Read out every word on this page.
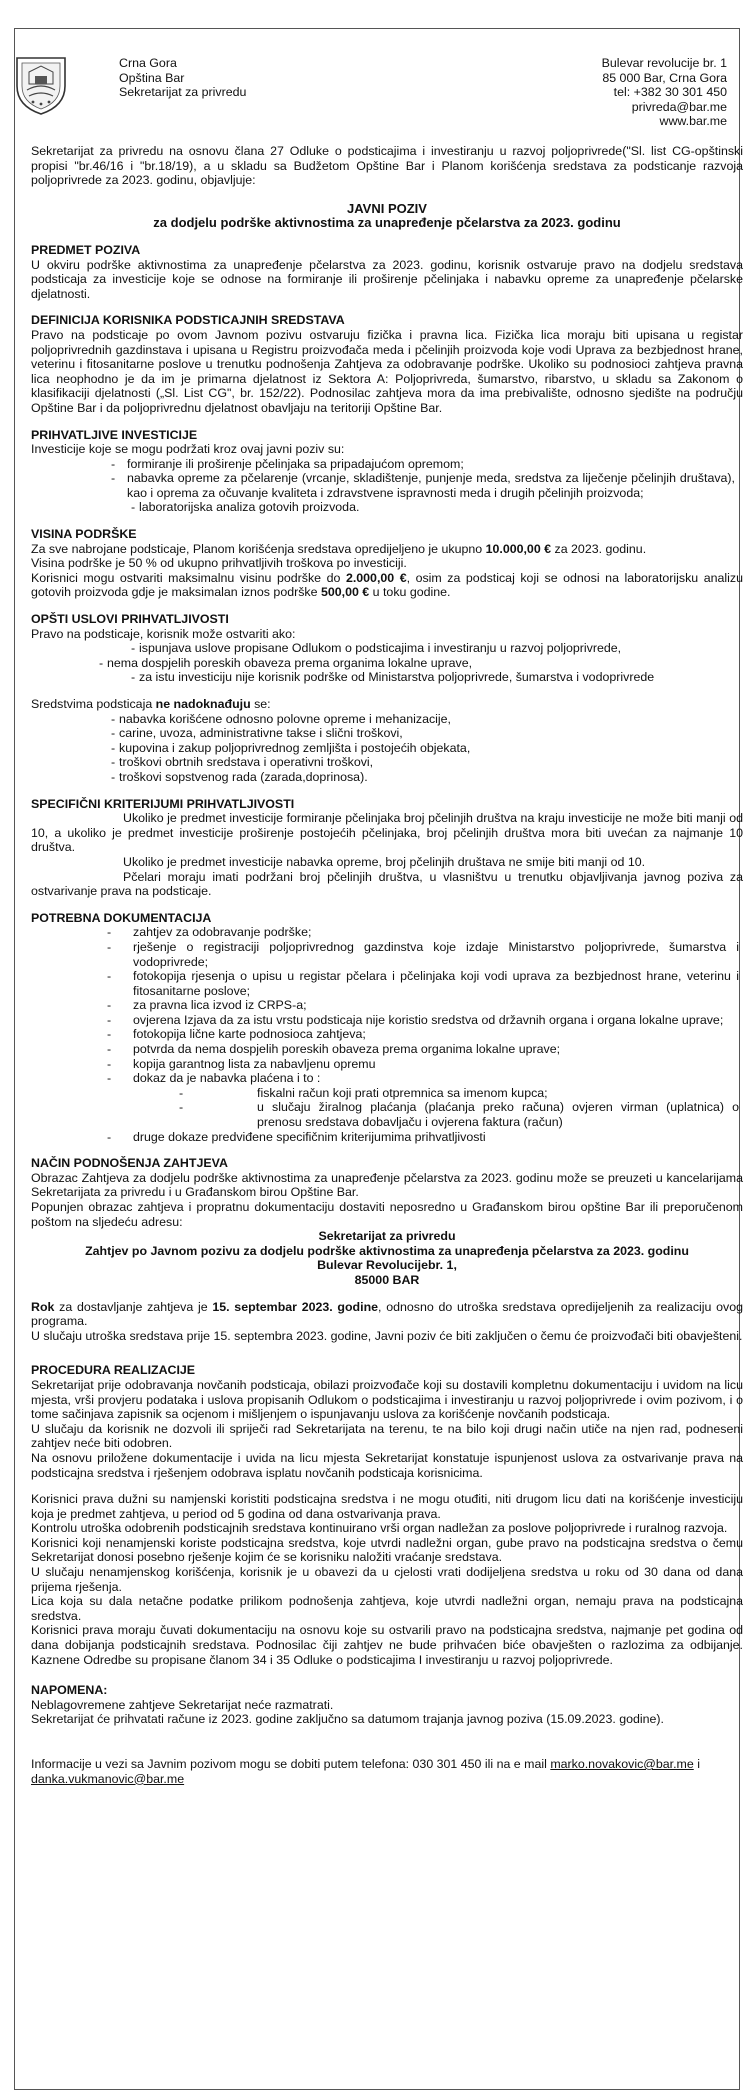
Crna Gora
Opština Bar
Sekretarijat za privredu
Bulevar revolucije br. 1
85 000 Bar, Crna Gora
tel: +382 30 301 450
privreda@bar.me
www.bar.me

Sekretarijat za privredu na osnovu člana 27 Odluke o podsticajima i investiranju u razvoj poljoprivrede("Sl. list CG-opštinski propisi "br.46/16 i "br.18/19), a u skladu sa Budžetom Opštine Bar i Planom korišćenja sredstava za podsticanje razvoja poljoprivrede za 2023. godinu, objavljuje:

JAVNI POZIV
za dodjelu podrške aktivnostima za unapređenje pčelarstva za 2023. godinu
PREDMET POZIVA

U okviru podrške aktivnostima za unapređenje pčelarstva za 2023. godinu, korisnik ostvaruje pravo na dodjelu sredstava podsticaja za investicije koje se odnose na formiranje ili proširenje pčelinjaka i nabavku opreme za unapređenje pčelarske djelatnosti.

DEFINICIJA KORISNIKA PODSTICAJNIH SREDSTAVA

Pravo na podsticaje po ovom Javnom pozivu ostvaruju fizička i pravna lica. Fizička lica moraju biti upisana u registar poljoprivrednih gazdinstava i upisana u Registru proizvođača meda i pčelinjih proizvoda koje vodi Uprava za bezbjednost hrane, veterinu i fitosanitarne poslove u trenutku podnošenja Zahtjeva za odobravanje podrške. Ukoliko su podnosioci zahtjeva pravna lica neophodno je da im je primarna djelatnost iz Sektora A: Poljoprivreda, šumarstvo, ribarstvo, u skladu sa Zakonom o klasifikaciji djelatnosti („Sl. List CG", br. 152/22). Podnosilac zahtjeva mora da ima prebivalište, odnosno sjedište na području Opštine Bar i da poljoprivrednu djelatnost obavljaju na teritoriji Opštine Bar.

PRIHVATLJIVE INVESTICIJE

Investicije koje se mogu podržati kroz ovaj javni poziv su:

- formiranje ili proširenje pčelinjaka sa pripadajućom opremom;
- nabavka opreme za pčelarenje (vrcanje, skladištenje, punjenje meda, sredstva za liječenje pčelinjih društava), kao i oprema za očuvanje kvaliteta i zdravstvene ispravnosti meda i drugih pčelinjih proizvoda;
- laboratorijska analiza gotovih proizvoda.
VISINA PODRŠKE

Za sve nabrojane podsticaje, Planom korišćenja sredstava opredijeljeno je ukupno 10.000,00 € za 2023. godinu.

Visina podrške je 50 % od ukupno prihvatljivih troškova po investiciji.

Korisnici mogu ostvariti maksimalnu visinu podrške do 2.000,00 €, osim za podsticaj koji se odnosi na laboratorijsku analizu gotovih proizvoda gdje je maksimalan iznos podrške 500,00 € u toku godine.

OPŠTI USLOVI PRIHVATLJIVOSTI

Pravo na podsticaje, korisnik može ostvariti ako:

- ispunjava uslove propisane Odlukom o podsticajima i investiranju u razvoj poljoprivrede,
- nema dospjelih poreskih obaveza prema organima lokalne uprave,
- za istu investiciju nije korisnik podrške od Ministarstva poljoprivrede, šumarstva i vodoprivrede

Sredstvima podsticaja ne nadoknađuju se:

- nabavka korišćene odnosno polovne opreme i mehanizacije,
- carine, uvoza, administrativne takse i slični troškovi,
- kupovina i zakup poljoprivrednog zemljišta i postojećih objekata,
- troškovi obrtnih sredstava i operativni troškovi,
- troškovi sopstvenog rada (zarada,doprinosa).
SPECIFIČNI KRITERIJUMI PRIHVATLJIVOSTI

Ukoliko je predmet investicije formiranje pčelinjaka broj pčelinjih društva na kraju investicije ne može biti manji od 10, a ukoliko je predmet investicije proširenje postojećih pčelinjaka, broj pčelinjih društva mora biti uvećan za najmanje 10 društva.

Ukoliko je predmet investicije nabavka opreme, broj pčelinjih društava ne smije biti manji od 10.

Pčelari moraju imati podržani broj pčelinjih društva, u vlasništvu u trenutku objavljivanja javnog poziva za ostvarivanje prava na podsticaje.

POTREBNA DOKUMENTACIJA
- zahtjev za odobravanje podrške;
- rješenje o registraciji poljoprivrednog gazdinstva koje izdaje Ministarstvo poljoprivrede, šumarstva i vodoprivrede;
- fotokopija rjesenja o upisu u registar pčelara i pčelinjaka koji vodi uprava za bezbjednost hrane, veterinu i fitosanitarne poslove;
- za pravna lica izvod iz CRPS-a;
- ovjerena Izjava da za istu vrstu podsticaja nije koristio sredstva od državnih organa i organa lokalne uprave;
- fotokopija lične karte podnosioca zahtjeva;
- potvrda da nema dospjelih poreskih obaveza prema organima lokalne uprave;
- kopija garantnog lista za nabavljenu opremu
- dokaz da je nabavka plaćena i to :
- fiskalni račun koji prati otpremnica sa imenom kupca;
- u slučaju žiralnog plaćanja (plaćanja preko računa) ovjeren virman (uplatnica) o prenosu sredstava dobavljaču i ovjerena faktura (račun)
- druge dokaze predviđene specifičnim kriterijumima prihvatljivosti
NAČIN PODNOŠENJA ZAHTJEVA

Obrazac Zahtjeva za dodjelu podrške aktivnostima za unapređenje pčelarstva za 2023. godinu može se preuzeti u kancelarijama Sekretarijata za privredu i u Građanskom birou Opštine Bar.

Popunjen obrazac zahtjeva i propratnu dokumentaciju dostaviti neposredno u Građanskom birou opštine Bar ili preporučenom poštom na sljedeću adresu:

Sekretarijat za privredu
Zahtjev po Javnom pozivu za dodjelu podrške aktivnostima za unapređenja pčelarstva za 2023. godinu
Bulevar Revolucijebr. 1,
85000 BAR

Rok za dostavljanje zahtjeva je 15. septembar 2023. godine, odnosno do utroška sredstava opredijeljenih za realizaciju ovog programa.

U slučaju utroška sredstava prije 15. septembra 2023. godine, Javni poziv će biti zaključen o čemu će proizvođači biti obavješteni.

PROCEDURA REALIZACIJE

Sekretarijat prije odobravanja novčanih podsticaja, obilazi proizvođače koji su dostavili kompletnu dokumentaciju i uvidom na licu mjesta, vrši provjeru podataka i uslova propisanih Odlukom o podsticajima i investiranju u razvoj poljoprivrede i ovim pozivom, i o tome sačinjava zapisnik sa ocjenom i mišljenjem o ispunjavanju uslova za korišćenje novčanih podsticaja.

U slučaju da korisnik ne dozvoli ili spriječi rad Sekretarijata na terenu, te na bilo koji drugi način utiče na njen rad, podneseni zahtjev neće biti odobren.

Na osnovu priložene dokumentacije i uvida na licu mjesta Sekretarijat konstatuje ispunjenost uslova za ostvarivanje prava na podsticajna sredstva i rješenjem odobrava isplatu novčanih podsticaja korisnicima.

Korisnici prava dužni su namjenski koristiti podsticajna sredstva i ne mogu otuđiti, niti drugom licu dati na korišćenje investiciju koja je predmet zahtjeva, u period od 5 godina od dana ostvarivanja prava.

Kontrolu utroška odobrenih podsticajnih sredstava kontinuirano vrši organ nadležan za poslove poljoprivrede i ruralnog razvoja.

Korisnici koji nenamjenski koriste podsticajna sredstva, koje utvrdi nadležni organ, gube pravo na podsticajna sredstva o čemu Sekretarijat donosi posebno rješenje kojim će se korisniku naložiti vraćanje sredstava.

U slučaju nenamjenskog korišćenja, korisnik je u obavezi da u cjelosti vrati dodijeljena sredstva u roku od 30 dana od dana prijema rješenja.

Lica koja su dala netačne podatke prilikom podnošenja zahtjeva, koje utvrdi nadležni organ, nemaju prava na podsticajna sredstva.

Korisnici prava moraju čuvati dokumentaciju na osnovu koje su ostvarili pravo na podsticajna sredstva, najmanje pet godina od dana dobijanja podsticajnih sredstava. Podnosilac čiji zahtjev ne bude prihvaćen biće obavješten o razlozima za odbijanje. Kaznene Odredbe su propisane članom 34 i 35 Odluke o podsticajima I investiranju u razvoj poljoprivrede.

NAPOMENA:

Neblagovremene zahtjeve Sekretarijat neće razmatrati.

Sekretarijat će prihvatati račune iz 2023. godine zaključno sa datumom trajanja javnog poziva (15.09.2023. godine).

Informacije u vezi sa Javnim pozivom mogu se dobiti putem telefona: 030 301 450 ili na e mail marko.novakovic@bar.me i
danka.vukmanovic@bar.me
